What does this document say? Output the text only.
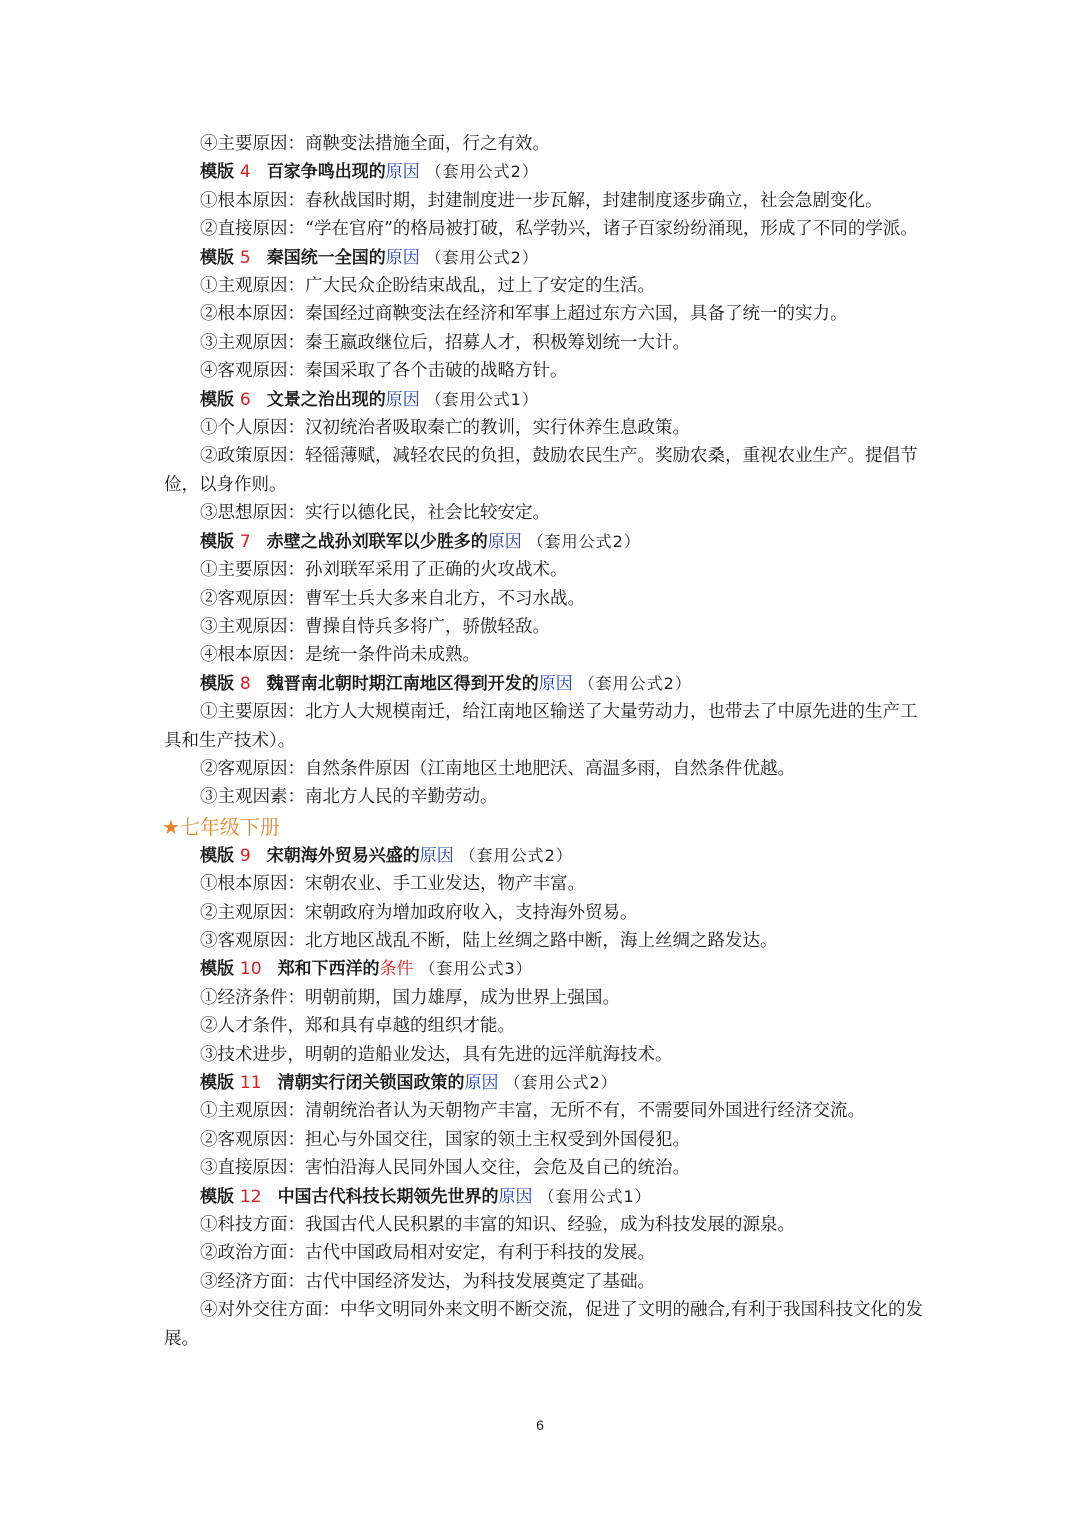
④主要原因：商鞅变法措施全面，行之有效。
模版 4 百家争鸣出现的原因 （套用公式2）
①根本原因：春秋战国时期，封建制度进一步瓦解，封建制度逐步确立，社会急剧变化。
②直接原因：“学在官府”的格局被打破，私学勃兴，诸子百家纷纷涌现，形成了不同的学派。
模版 5 秦国统一全国的原因 （套用公式2）
①主观原因：广大民众企盼结束战乱，过上了安定的生活。
②根本原因：秦国经过商鞅变法在经济和军事上超过东方六国，具备了统一的实力。
③主观原因：秦王嬴政继位后，招募人才，积极筹划统一大计。
④客观原因：秦国采取了各个击破的战略方针。
模版 6 文景之治出现的原因 （套用公式1）
①个人原因：汉初统治者吸取秦亡的教训，实行休养生息政策。
②政策原因：轻徭薄赋，减轻农民的负担，鼓励农民生产。奖励农桑，重视农业生产。提倡节俭，以身作则。
③思想原因：实行以德化民，社会比较安定。
模版 7 赤壁之战孙刘联军以少胜多的原因 （套用公式2）
①主要原因：孙刘联军采用了正确的火攻战术。
②客观原因：曹军士兵大多来自北方，不习水战。
③主观原因：曹操自恃兵多将广，骄傲轻敌。
④根本原因：是统一条件尚未成熟。
模版 8 魏晋南北朝时期江南地区得到开发的原因 （套用公式2）
①主要原因：北方人大规模南迁，给江南地区输送了大量劳动力，也带去了中原先进的生产工具和生产技术）。
②客观原因：自然条件原因（江南地区土地肥沃、高温多雨，自然条件优越。
③主观因素：南北方人民的辛勤劳动。
★七年级下册
模版 9 宋朝海外贸易兴盛的原因 （套用公式2）
①根本原因：宋朝农业、手工业发达，物产丰富。
②主观原因：宋朝政府为增加政府收入，支持海外贸易。
③客观原因：北方地区战乱不断，陆上丝绸之路中断，海上丝绸之路发达。
模版 10 郑和下西洋的条件 （套用公式3）
①经济条件：明朝前期，国力雄厚，成为世界上强国。
②人才条件，郑和具有卓越的组织才能。
③技术进步，明朝的造船业发达，具有先进的远洋航海技术。
模版 11 清朝实行闭关锁国政策的原因 （套用公式2）
①主观原因：清朝统治者认为天朝物产丰富，无所不有，不需要同外国进行经济交流。
②客观原因：担心与外国交往，国家的领土主权受到外国侵犯。
③直接原因：害怕沿海人民同外国人交往，会危及自己的统治。
模版 12 中国古代科技长期领先世界的原因 （套用公式1）
①科技方面：我国古代人民积累的丰富的知识、经验，成为科技发展的源泉。
②政治方面：古代中国政局相对安定，有利于科技的发展。
③经济方面：古代中国经济发达，为科技发展奠定了基础。
④对外交往方面：中华文明同外来文明不断交流，促进了文明的融合,有利于我国科技文化的发展。
6
